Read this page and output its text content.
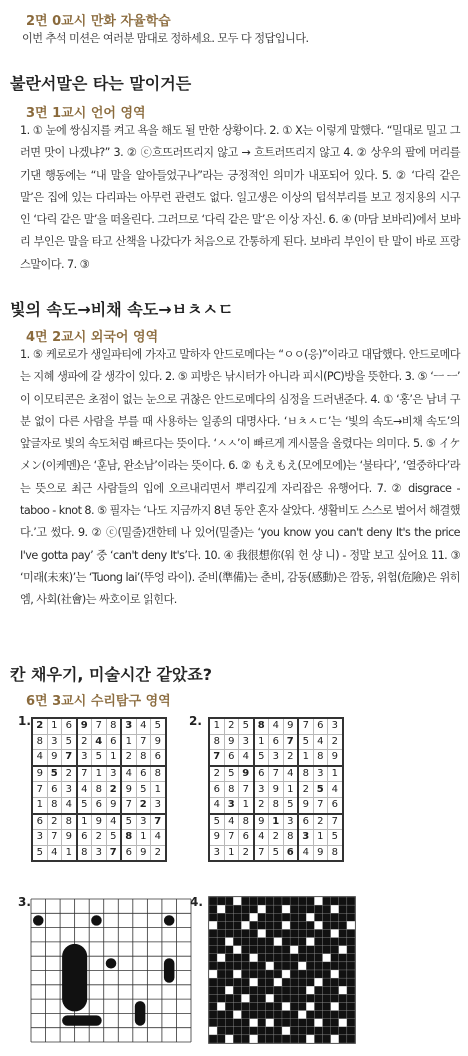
2면 0교시 만화 자율학습
이번 추석 미션은 여러분 맘대로 정하세요. 모두 다 정답입니다.
불란서말은 타는 말이거든
3면 1교시 언어 영역
1. ① 눈에 쌍심지를 켜고 욕을 해도 될 만한 상황이다. 2. ① X는 이렇게 말했다. “밀대로 밀고 그러면 맛이 나겠냐?” 3. ② ⓒ흐뜨러뜨리지 않고 → 흐트러뜨리지 않고 4. ② 상우의 팔에 머리를 기댄 행동에는 “내 말을 알아들었구나”라는 긍정적인 의미가 내포되어 있다. 5. ② ‘다릭 같은 말’은 집에 있는 다리파는 아무런 관련도 없다. 일고생은 이상의 텁석부리를 보고 정지용의 시구인 ‘다릭 같은 말’을 떠올린다. 그러므로 ‘다릭 같은 말’은 이상 자신. 6. ④ (마담 보바리)에서 보바리 부인은 말을 타고 산책을 나갔다가 처음으로 간통하게 된다. 보바리 부인이 탄 말이 바로 프랑스말이다. 7. ③
빛의 속도→비채 속도→ㅂㅊㅅㄷ
4면 2교시 외국어 영역
1. ⑤ 케로로가 생일파티에 가자고 말하자 안드로메다는 “ㅇㅇ(응)”이라고 대답했다. 안드로메다는 지혜 생파에 갈 생각이 있다. 2. ⑤ 피방은 낚시터가 아니라 피시(PC)방을 뜻한다. 3. ⑤ ‘ㅡ ㅡ’ 이 이모티콘은 초점이 없는 눈으로 귀찮은 안드로메다의 심정을 드러낸준다. 4. ① ‘홍’은 남녀 구분 없이 다른 사람을 부를 때 사용하는 일종의 대명사다. ‘ㅂㅊㅅㄷ’는 ‘빛의 속도→비채 속도’의 앞글자로 빛의 속도처럼 빠르다는 뜻이다. ‘ㅅㅅ’이 빠르게 게시물을 올렸다는 의미다. 5. ⑤ イケメン(이케멘)은 ‘훈남, 완소남’이라는 뜻이다. 6. ② もえもえ(모에모에)는 ‘불타다’, ‘열중하다’라는 뜻으로 최근 사람들의 입에 오르내리면서 뿌리깊게 자리잡은 유행어다. 7. ② disgrace - taboo - knot 8. ⑤ 필자는 ‘나도 지금까지 8년 동안 혼자 살았다. 생활비도 스스로 벌어서 해결했다.’고 썼다. 9. ② ⓒ(밀줄)갠한테 나 있어(밀줄)는 ‘you know you can't deny It's the price I've gotta pay’ 중 ‘can't deny It's’다. 10. ④ 我很想你(워 헌 샹 니) - 정말 보고 싶어요 11. ③ ‘미래(未來)’는 ‘Tuong lai’(뚜엉 라이). 준비(準備)는 춘비, 감동(感動)은 깜동, 위험(危險)은 위히엠, 사회(社會)는 싸호이로 읽힌다.
칸 채우기, 미술시간 같았죠?
6면 3교시 수리탐구 영역
1. 2	1	6	9	7	8	3	4	5
8	3	5	2	4	6	1	7	9
4	9	7	3	5	1	2	8	6
9	5	2	7	1	3	4	6	8
7	6	3	4	8	2	9	5	1
1	8	4	5	6	9	7	2	3
6	2	8	1	9	4	5	3	7
3	7	9	6	2	5	8	1	4
5	4	1	8	3	7	6	9	2
2. 1	2	5	8	4	9	7	6	3
8	9	3	1	6	7	5	4	2
7	6	4	5	3	2	1	8	9
2	5	9	6	7	4	8	3	1
6	8	7	3	9	1	2	5	4
4	3	1	2	8	5	9	7	6
5	4	8	9	1	3	6	2	7
9	7	6	4	2	8	3	1	5
3	1	2	7	5	6	4	9	8
3.	4.
